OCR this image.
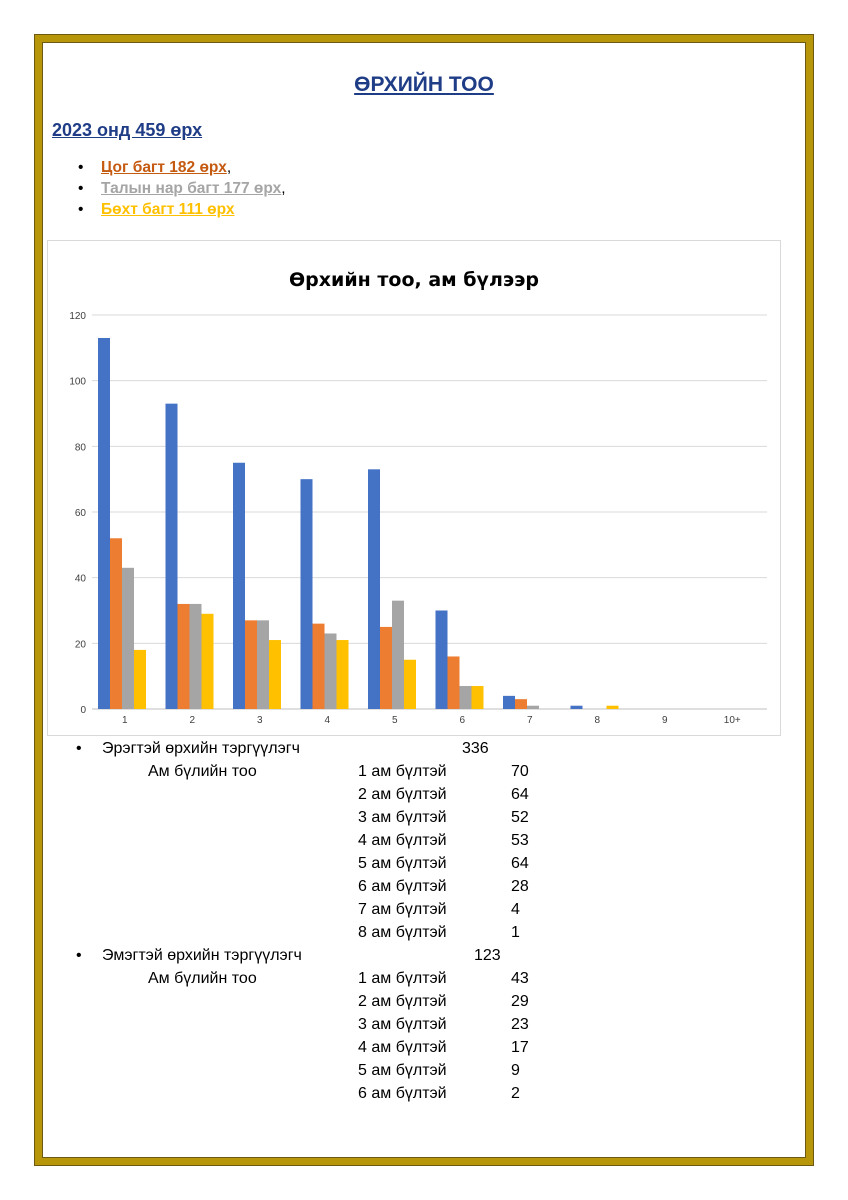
ӨРХИЙН ТОО
2023 онд 459 өрх
• Цог багт 182 өрх,
• Талын нар багт 177 өрх,
• Бөхт багт 111 өрх
Өрхийн тоо, ам бүлээр
0
20
40
60
80
100
120
1	2	3	4	5	6	7	8	9	10+
• Эрэгтэй өрхийн тэргүүлэгч	336
Ам бүлийн тоо	1 ам бүлтэй	70
2 ам бүлтэй	64
3 ам бүлтэй	52
4 ам бүлтэй	53
5 ам бүлтэй	64
6 ам бүлтэй	28
7 ам бүлтэй	4
8 ам бүлтэй	1
• Эмэгтэй өрхийн тэргүүлэгч	123
Ам бүлийн тоо	1 ам бүлтэй	43
2 ам бүлтэй	29
3 ам бүлтэй	23
4 ам бүлтэй	17
5 ам бүлтэй	9
6 ам бүлтэй	2
